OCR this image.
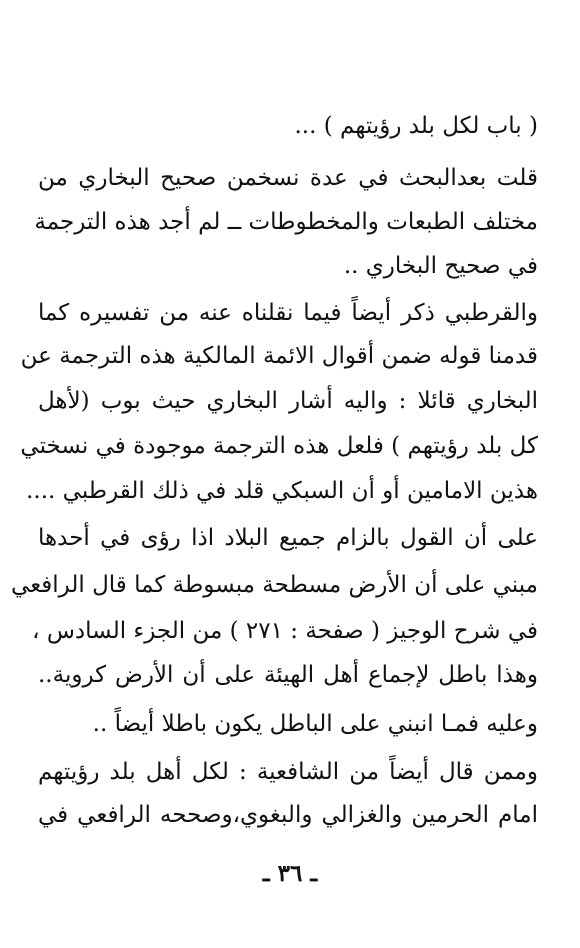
( باب لكل بلد رؤيتهم ) ...
قلت بعدالبحث في عدة نسخمن صحيح البخاري من
مختلف الطبعات والمخطوطات ــ لم أجد هذه الترجمة
في صحيح البخاري ..
والقرطبي ذكر أيضاً فيما نقلناه عنه من تفسيره كما
قدمنا قوله ضمن أقوال الائمة المالكية هذه الترجمة عن
البخاري قائلا : واليه أشار البخاري حيث بوب (لأهل
كل بلد رؤيتهم ) فلعل هذه الترجمة موجودة في نسختي
هذين الامامين أو أن السبكي قلد في ذلك القرطبي ....
على أن القول بالزام جميع البلاد اذا رؤى في أحدها
مبني على أن الأرض مسطحة مبسوطة كما قال الرافعي
في شرح الوجيز ( صفحة : ٢٧١ ) من الجزء السادس ،
وهذا باطل لإجماع أهل الهيئة على أن الأرض كروية..
وعليه فمـا انبني على الباطل يكون باطلا أيضاً ..
وممن قال أيضاً من الشافعية : لكل أهل بلد رؤيتهم
امام الحرمين والغزالي والبغوي،وصححه الرافعي في
ـ ٣٦ ـ
